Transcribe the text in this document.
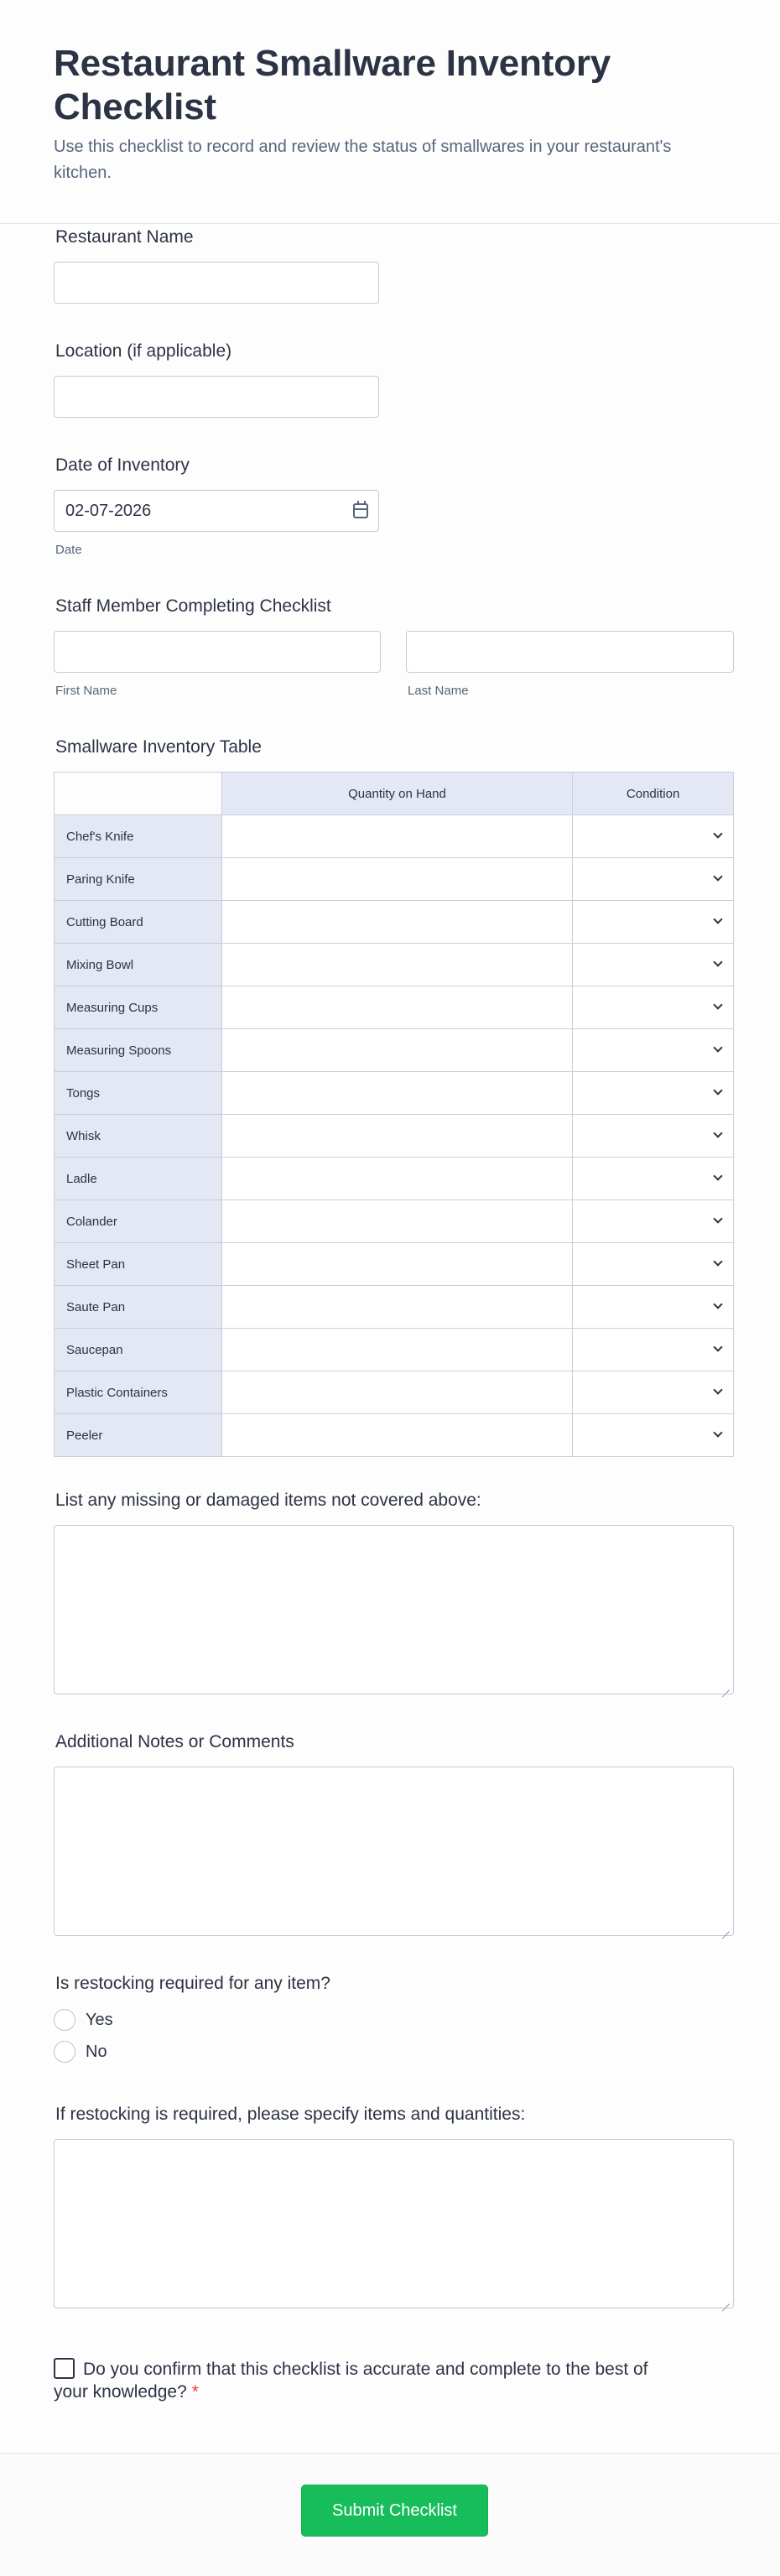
Restaurant Smallware Inventory Checklist

Use this checklist to record and review the status of smallwares in your restaurant's kitchen.

Restaurant Name
Location (if applicable)
Date of Inventory
02-07-2026
Date
Staff Member Completing Checklist
First Name	Last Name
Smallware Inventory Table
	Quantity on Hand	Condition
Chef's Knife		
Paring Knife		
Cutting Board		
Mixing Bowl		
Measuring Cups		
Measuring Spoons		
Tongs		
Whisk		
Ladle		
Colander		
Sheet Pan		
Saute Pan		
Saucepan		
Plastic Containers		
Peeler		
List any missing or damaged items not covered above:
Additional Notes or Comments
Is restocking required for any item?
Yes
No
If restocking is required, please specify items and quantities:
Do you confirm that this checklist is accurate and complete to the best of your knowledge? *
Submit Checklist
